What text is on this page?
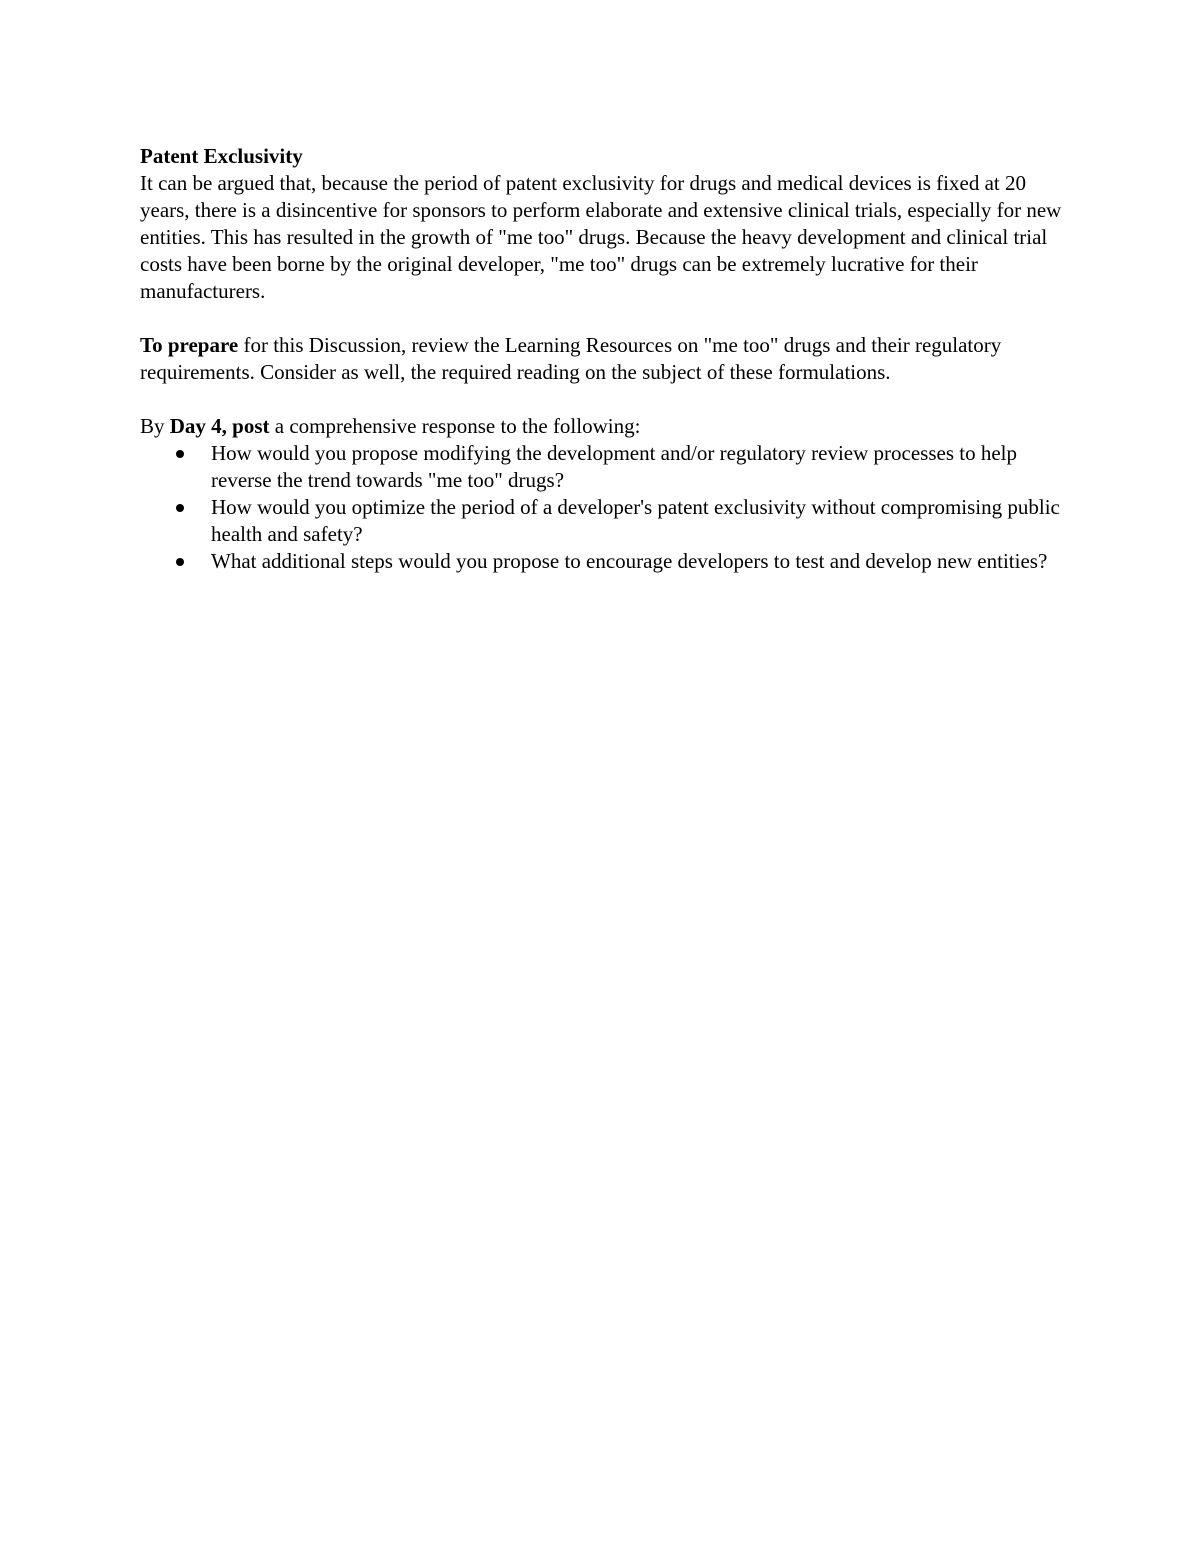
Patent Exclusivity

It can be argued that, because the period of patent exclusivity for drugs and medical devices is fixed at 20 years, there is a disincentive for sponsors to perform elaborate and extensive clinical trials, especially for new entities. This has resulted in the growth of "me too" drugs. Because the heavy development and clinical trial costs have been borne by the original developer, "me too" drugs can be extremely lucrative for their manufacturers.

To prepare for this Discussion, review the Learning Resources on "me too" drugs and their regulatory requirements. Consider as well, the required reading on the subject of these formulations.

By Day 4, post a comprehensive response to the following:

How would you propose modifying the development and/or regulatory review processes to help reverse the trend towards "me too" drugs?
How would you optimize the period of a developer's patent exclusivity without compromising public health and safety?
What additional steps would you propose to encourage developers to test and develop new entities?
